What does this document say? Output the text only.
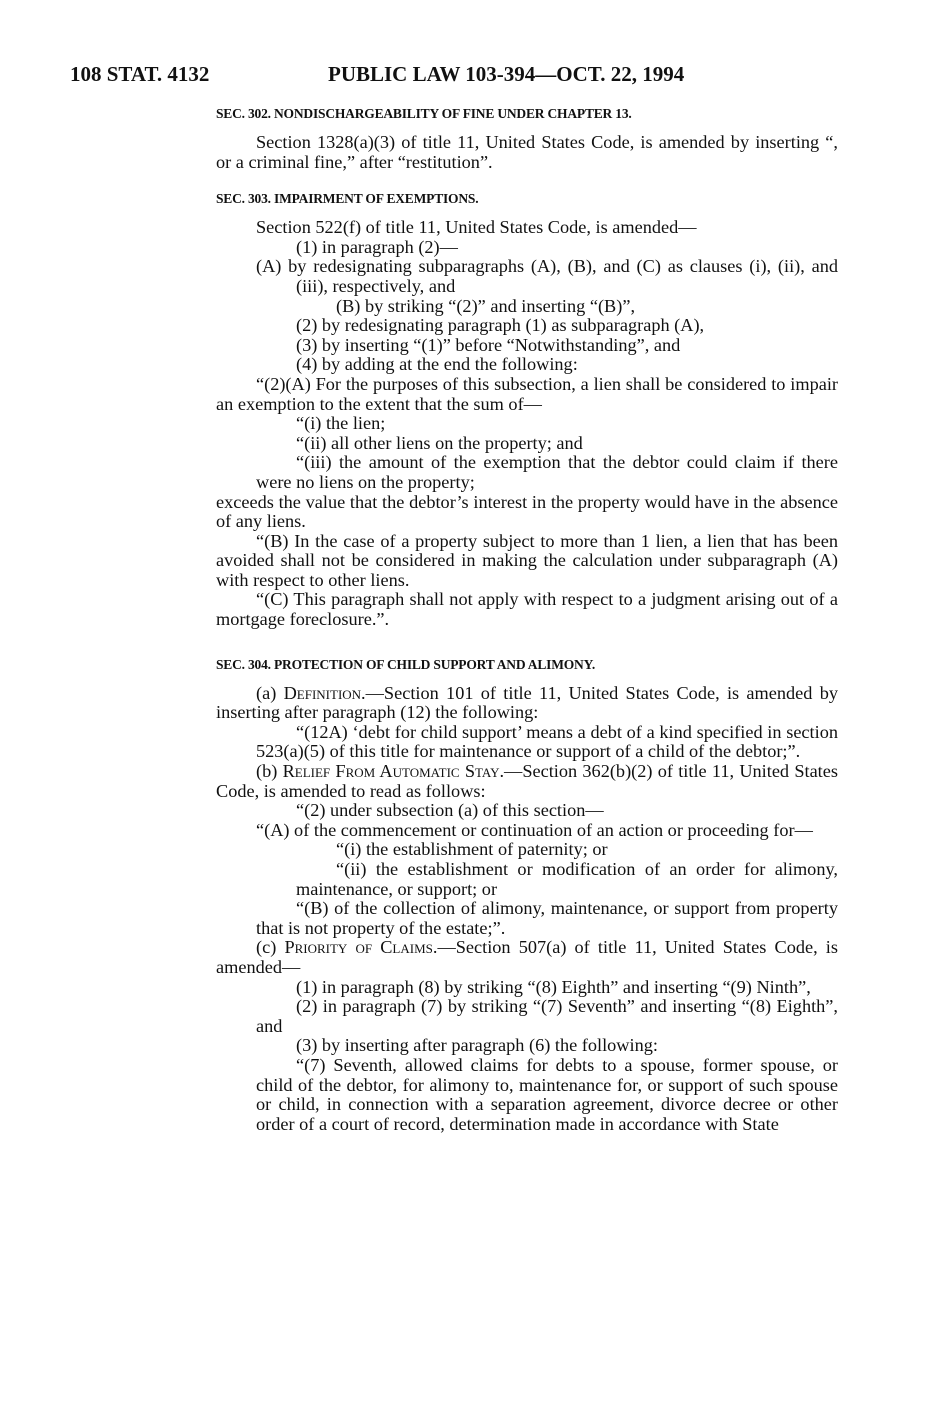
108 STAT. 4132	PUBLIC LAW 103-394—OCT. 22, 1994
SEC. 302. NONDISCHARGEABILITY OF FINE UNDER CHAPTER 13.

Section 1328(a)(3) of title 11, United States Code, is amended by inserting “, or a criminal fine,” after “restitution”.

SEC. 303. IMPAIRMENT OF EXEMPTIONS.

Section 522(f) of title 11, United States Code, is amended—

(1) in paragraph (2)—

(A) by redesignating subparagraphs (A), (B), and (C) as clauses (i), (ii), and (iii), respectively, and

(B) by striking “(2)” and inserting “(B)”,

(2) by redesignating paragraph (1) as subparagraph (A),

(3) by inserting “(1)” before “Notwithstanding”, and

(4) by adding at the end the following:

“(2)(A) For the purposes of this subsection, a lien shall be considered to impair an exemption to the extent that the sum of—

“(i) the lien;

“(ii) all other liens on the property; and

“(iii) the amount of the exemption that the debtor could claim if there were no liens on the property;

exceeds the value that the debtor’s interest in the property would have in the absence of any liens.

“(B) In the case of a property subject to more than 1 lien, a lien that has been avoided shall not be considered in making the calculation under subparagraph (A) with respect to other liens.

“(C) This paragraph shall not apply with respect to a judgment arising out of a mortgage foreclosure.”.

SEC. 304. PROTECTION OF CHILD SUPPORT AND ALIMONY.

(a) Definition.—Section 101 of title 11, United States Code, is amended by inserting after paragraph (12) the following:

“(12A) ‘debt for child support’ means a debt of a kind specified in section 523(a)(5) of this title for maintenance or support of a child of the debtor;”.

(b) Relief From Automatic Stay.—Section 362(b)(2) of title 11, United States Code, is amended to read as follows:

“(2) under subsection (a) of this section—

“(A) of the commencement or continuation of an action or proceeding for—

“(i) the establishment of paternity; or

“(ii) the establishment or modification of an order for alimony, maintenance, or support; or

“(B) of the collection of alimony, maintenance, or support from property that is not property of the estate;”.

(c) Priority of Claims.—Section 507(a) of title 11, United States Code, is amended—

(1) in paragraph (8) by striking “(8) Eighth” and inserting “(9) Ninth”,

(2) in paragraph (7) by striking “(7) Seventh” and inserting “(8) Eighth”, and

(3) by inserting after paragraph (6) the following:

“(7) Seventh, allowed claims for debts to a spouse, former spouse, or child of the debtor, for alimony to, maintenance for, or support of such spouse or child, in connection with a separation agreement, divorce decree or other order of a court of record, determination made in accordance with State
